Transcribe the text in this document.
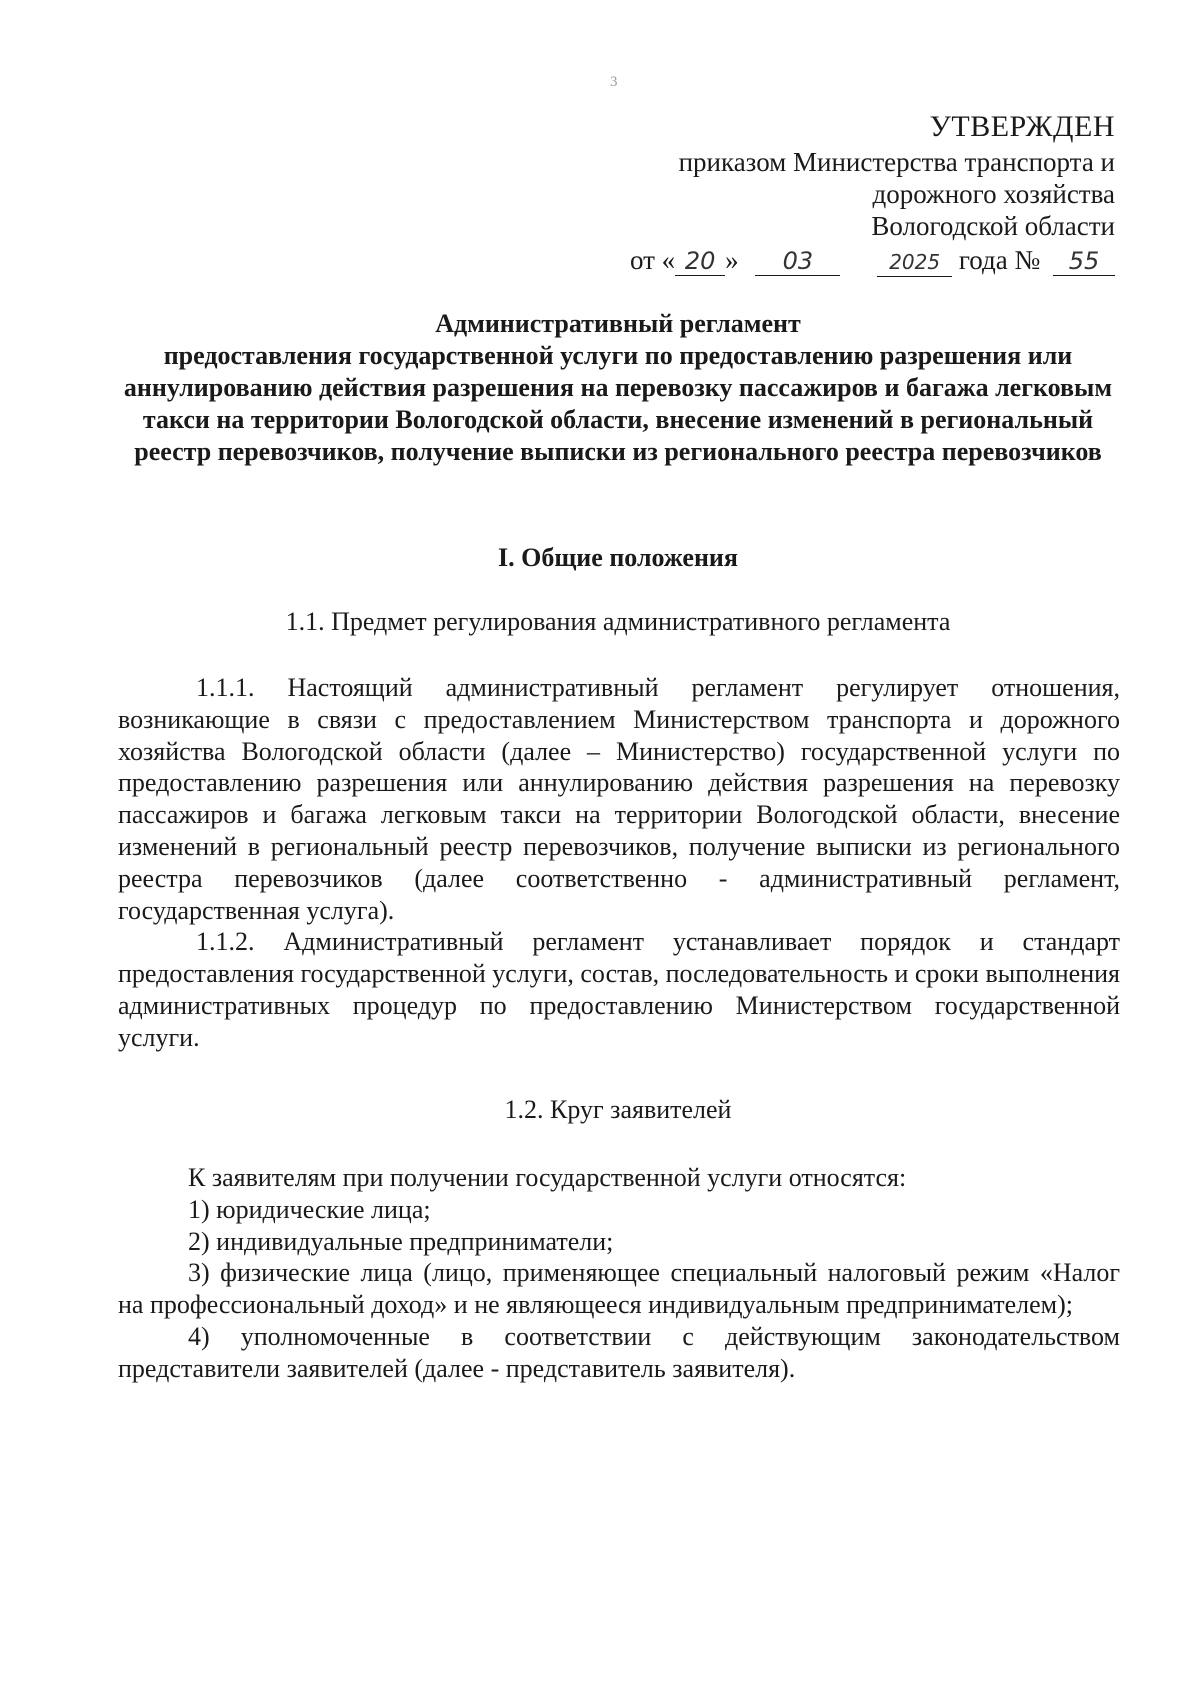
3
УТВЕРЖДЕН
приказом Министерства транспорта и
дорожного хозяйства
Вологодской области
от « 20 » 03	2025 года № 55
Административный регламент
предоставления государственной услуги по предоставлению разрешения или аннулированию действия разрешения на перевозку пассажиров и багажа легковым такси на территории Вологодской области, внесение изменений в региональный реестр перевозчиков, получение выписки из регионального реестра перевозчиков
I. Общие положения
1.1. Предмет регулирования административного регламента

1.1.1. Настоящий административный регламент регулирует отношения, возникающие в связи с предоставлением Министерством транспорта и дорожного хозяйства Вологодской области (далее – Министерство) государственной услуги по предоставлению разрешения или аннулированию действия разрешения на перевозку пассажиров и багажа легковым такси на территории Вологодской области, внесение изменений в региональный реестр перевозчиков, получение выписки из регионального реестра перевозчиков (далее соответственно - административный регламент, государственная услуга).

1.1.2. Административный регламент устанавливает порядок и стандарт предоставления государственной услуги, состав, последовательность и сроки выполнения административных процедур по предоставлению Министерством государственной услуги.

1.2. Круг заявителей

К заявителям при получении государственной услуги относятся:

1) юридические лица;

2) индивидуальные предприниматели;

3) физические лица (лицо, применяющее специальный налоговый режим «Налог на профессиональный доход» и не являющееся индивидуальным предпринимателем);

4) уполномоченные в соответствии с действующим законодательством представители заявителей (далее - представитель заявителя).
